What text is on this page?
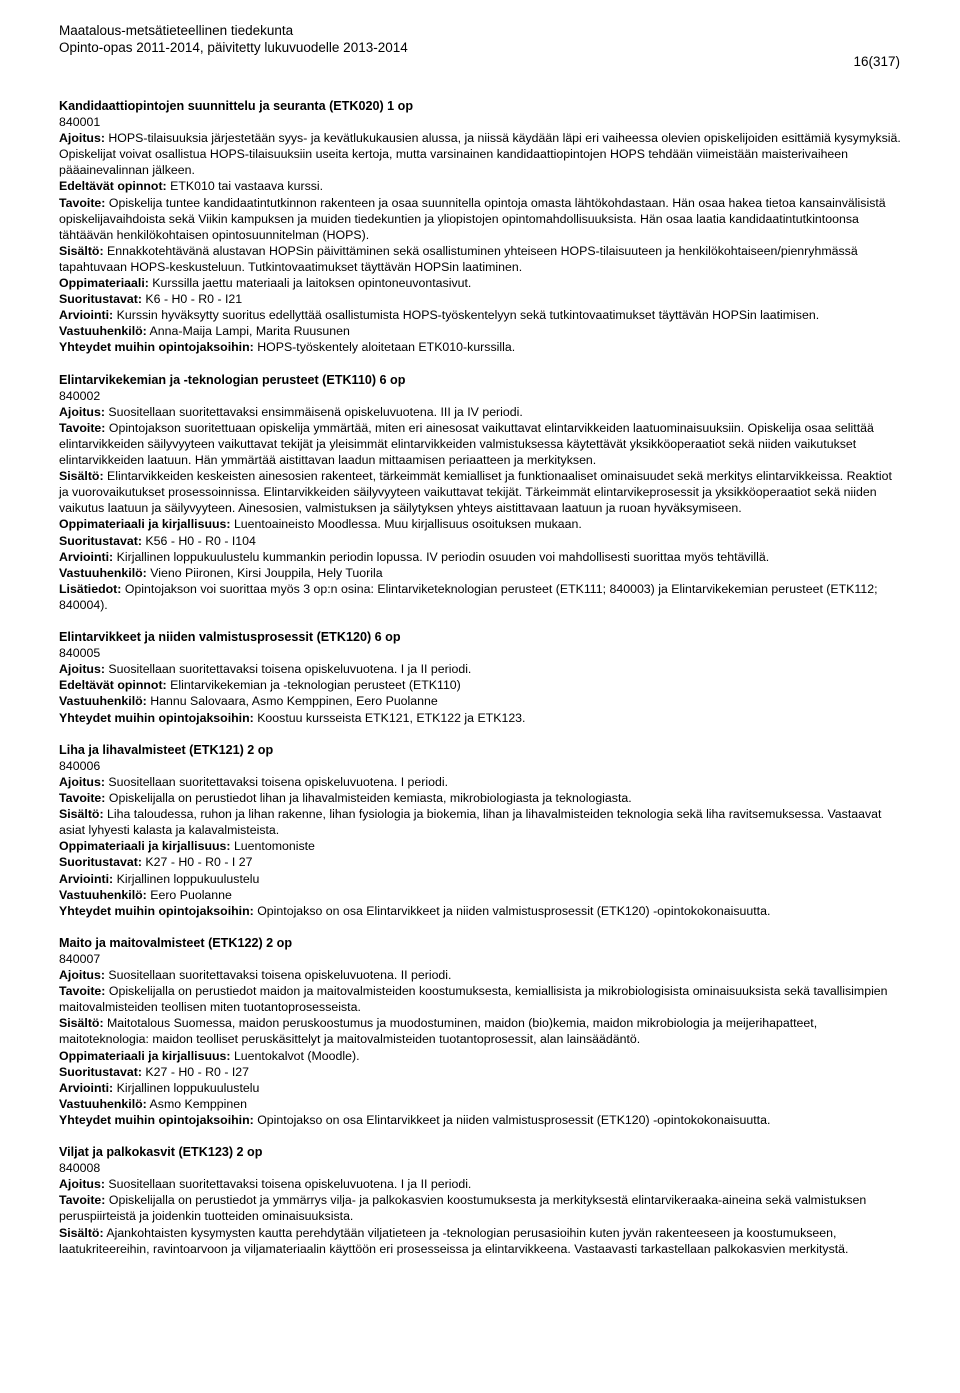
Maatalous-metsätieteellinen tiedekunta
Opinto-opas 2011-2014, päivitetty lukuvuodelle 2013-2014
16(317)
Kandidaattiopintojen suunnittelu ja seuranta (ETK020) 1 op
840001
Ajoitus: HOPS-tilaisuuksia järjestetään syys- ja kevätlukukausien alussa, ja niissä käydään läpi eri vaiheessa olevien opiskelijoiden esittämiä kysymyksiä. Opiskelijat voivat osallistua HOPS-tilaisuuksiin useita kertoja, mutta varsinainen kandidaattiopintojen HOPS tehdään viimeistään maisterivaiheen pääainevalinnan jälkeen.
Edeltävät opinnot: ETK010 tai vastaava kurssi.
Tavoite: Opiskelija tuntee kandidaatintutkinnon rakenteen ja osaa suunnitella opintoja omasta lähtökohdastaan. Hän osaa hakea tietoa kansainvälisistä opiskelijavaihdoista sekä Viikin kampuksen ja muiden tiedekuntien ja yliopistojen opintomahdollisuuksista. Hän osaa laatia kandidaatintutkintoonsa tähtäävän henkilökohtaisen opintosuunnitelman (HOPS).
Sisältö: Ennakkotehtävänä alustavan HOPSin päivittäminen sekä osallistuminen yhteiseen HOPS-tilaisuuteen ja henkilökohtaiseen/pienryhmässä tapahtuvaan HOPS-keskusteluun. Tutkintovaatimukset täyttävän HOPSin laatiminen.
Oppimateriaali: Kurssilla jaettu materiaali ja laitoksen opintoneuvontasivut.
Suoritustavat: K6 - H0 - R0 - I21
Arviointi: Kurssin hyväksytty suoritus edellyttää osallistumista HOPS-työskentelyyn sekä tutkintovaatimukset täyttävän HOPSin laatimisen.
Vastuuhenkilö: Anna-Maija Lampi, Marita Ruusunen
Yhteydet muihin opintojaksoihin: HOPS-työskentely aloitetaan ETK010-kurssilla.
Elintarvikekemian ja -teknologian perusteet (ETK110) 6 op
840002
Ajoitus: Suositellaan suoritettavaksi ensimmäisenä opiskeluvuotena. III ja IV periodi.
Tavoite: Opintojakson suoritettuaan opiskelija ymmärtää, miten eri ainesosat vaikuttavat elintarvikkeiden laatuominaisuuksiin. Opiskelija osaa selittää elintarvikkeiden säilyvyyteen vaikuttavat tekijät ja yleisimmät elintarvikkeiden valmistuksessa käytettävät yksikköoperaatiot sekä niiden vaikutukset elintarvikkeiden laatuun. Hän ymmärtää aistittavan laadun mittaamisen periaatteen ja merkityksen.
Sisältö: Elintarvikkeiden keskeisten ainesosien rakenteet, tärkeimmät kemialliset ja funktionaaliset ominaisuudet sekä merkitys elintarvikkeissa. Reaktiot ja vuorovaikutukset prosessoinnissa. Elintarvikkeiden säilyvyyteen vaikuttavat tekijät. Tärkeimmät elintarvikeprosessit ja yksikköoperaatiot sekä niiden vaikutus laatuun ja säilyvyyteen. Ainesosien, valmistuksen ja säilytyksen yhteys aistittavaan laatuun ja ruoan hyväksymiseen.
Oppimateriaali ja kirjallisuus: Luentoaineisto Moodlessa. Muu kirjallisuus osoituksen mukaan.
Suoritustavat: K56 - H0 - R0 - I104
Arviointi: Kirjallinen loppukuulustelu kummankin periodin lopussa. IV periodin osuuden voi mahdollisesti suorittaa myös tehtävillä.
Vastuuhenkilö: Vieno Piironen, Kirsi Jouppila, Hely Tuorila
Lisätiedot: Opintojakson voi suorittaa myös 3 op:n osina: Elintarviketeknologian perusteet (ETK111; 840003) ja Elintarvikekemian perusteet (ETK112; 840004).
Elintarvikkeet ja niiden valmistusprosessit (ETK120) 6 op
840005
Ajoitus: Suositellaan suoritettavaksi toisena opiskeluvuotena. I ja II periodi.
Edeltävät opinnot: Elintarvikekemian ja -teknologian perusteet (ETK110)
Vastuuhenkilö: Hannu Salovaara, Asmo Kemppinen, Eero Puolanne
Yhteydet muihin opintojaksoihin: Koostuu kursseista ETK121, ETK122 ja ETK123.
Liha ja lihavalmisteet (ETK121) 2 op
840006
Ajoitus: Suositellaan suoritettavaksi toisena opiskeluvuotena. I periodi.
Tavoite: Opiskelijalla on perustiedot lihan ja lihavalmisteiden kemiasta, mikrobiologiasta ja teknologiasta.
Sisältö: Liha taloudessa, ruhon ja lihan rakenne, lihan fysiologia ja biokemia, lihan ja lihavalmisteiden teknologia sekä liha ravitsemuksessa. Vastaavat asiat lyhyesti kalasta ja kalavalmisteista.
Oppimateriaali ja kirjallisuus: Luentomoniste
Suoritustavat: K27 - H0 - R0 - I 27
Arviointi: Kirjallinen loppukuulustelu
Vastuuhenkilö: Eero Puolanne
Yhteydet muihin opintojaksoihin: Opintojakso on osa Elintarvikkeet ja niiden valmistusprosessit (ETK120) -opintokokonaisuutta.
Maito ja maitovalmisteet (ETK122) 2 op
840007
Ajoitus: Suositellaan suoritettavaksi toisena opiskeluvuotena. II periodi.
Tavoite: Opiskelijalla on perustiedot maidon ja maitovalmisteiden koostumuksesta, kemiallisista ja mikrobiologisista ominaisuuksista sekä tavallisimpien maitovalmisteiden teollisen miten tuotantoprosesseista.
Sisältö: Maitotalous Suomessa, maidon peruskoostumus ja muodostuminen, maidon (bio)kemia, maidon mikrobiologia ja meijerihapatteet, maitoteknologia: maidon teolliset peruskäsittelyt ja maitovalmisteiden tuotantoprosessit, alan lainsäädäntö.
Oppimateriaali ja kirjallisuus: Luentokalvot (Moodle).
Suoritustavat: K27 - H0 - R0 - I27
Arviointi: Kirjallinen loppukuulustelu
Vastuuhenkilö: Asmo Kemppinen
Yhteydet muihin opintojaksoihin: Opintojakso on osa Elintarvikkeet ja niiden valmistusprosessit (ETK120) -opintokokonaisuutta.
Viljat ja palkokasvit (ETK123) 2 op
840008
Ajoitus: Suositellaan suoritettavaksi toisena opiskeluvuotena. I ja II periodi.
Tavoite: Opiskelijalla on perustiedot ja ymmärrys vilja- ja palkokasvien koostumuksesta ja merkityksestä elintarvikeraaka-aineina sekä valmistuksen peruspiirteistä ja joidenkin tuotteiden ominaisuuksista.
Sisältö: Ajankohtaisten kysymysten kautta perehdytään viljatieteen ja -teknologian perusasioihin kuten jyvän rakenteeseen ja koostumukseen, laatukriteereihin, ravintoarvoon ja viljamateriaalin käyttöön eri prosesseissa ja elintarvikkeena. Vastaavasti tarkastellaan palkokasvien merkitystä.
